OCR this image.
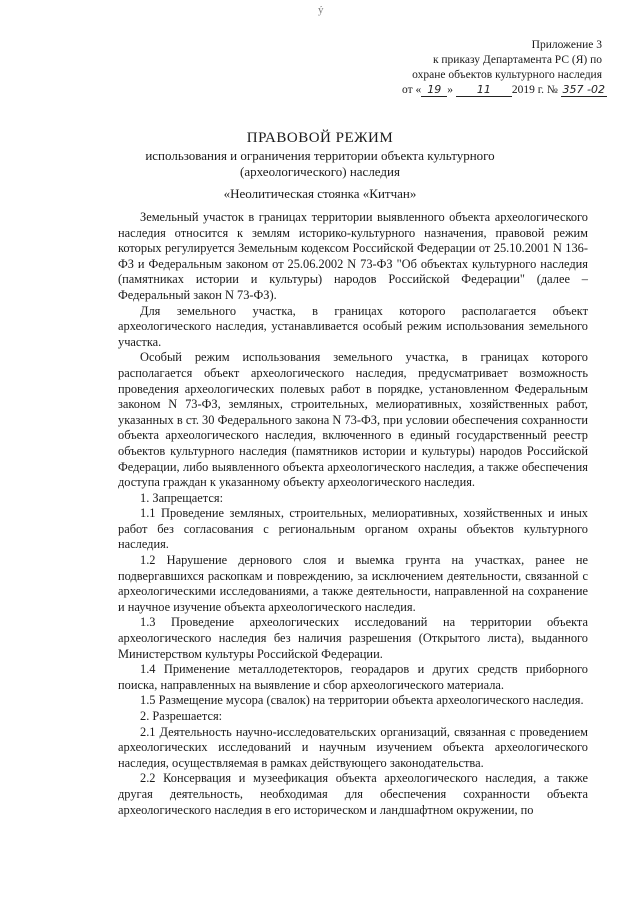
ỷ
Приложение 3
к приказу Департамента РС (Я) по
охране объектов культурного наследия
от « 19 » 11 2019 г. № 357 -02
ПРАВОВОЙ РЕЖИМ
использования и ограничения территории объекта культурного
(археологического) наследия
«Неолитическая стоянка «Китчан»

Земельный участок в границах территории выявленного объекта археологического наследия относится к землям историко-культурного назначения, правовой режим которых регулируется Земельным кодексом Российской Федерации от 25.10.2001 N 136-ФЗ и Федеральным законом от 25.06.2002 N 73-ФЗ "Об объектах культурного наследия (памятниках истории и культуры) народов Российской Федерации" (далее – Федеральный закон N 73-ФЗ).

Для земельного участка, в границах которого располагается объект археологического наследия, устанавливается особый режим использования земельного участка.

Особый режим использования земельного участка, в границах которого располагается объект археологического наследия, предусматривает возможность проведения археологических полевых работ в порядке, установленном Федеральным законом N 73-ФЗ, земляных, строительных, мелиоративных, хозяйственных работ, указанных в ст. 30 Федерального закона N 73-ФЗ, при условии обеспечения сохранности объекта археологического наследия, включенного в единый государственный реестр объектов культурного наследия (памятников истории и культуры) народов Российской Федерации, либо выявленного объекта археологического наследия, а также обеспечения доступа граждан к указанному объекту археологического наследия.

1. Запрещается:

1.1 Проведение земляных, строительных, мелиоративных, хозяйственных и иных работ без согласования с региональным органом охраны объектов культурного наследия.

1.2 Нарушение дернового слоя и выемка грунта на участках, ранее не подвергавшихся раскопкам и повреждению, за исключением деятельности, связанной с археологическими исследованиями, а также деятельности, направленной на сохранение и научное изучение объекта археологического наследия.

1.3 Проведение археологических исследований на территории объекта археологического наследия без наличия разрешения (Открытого листа), выданного Министерством культуры Российской Федерации.

1.4 Применение металлодетекторов, георадаров и других средств приборного поиска, направленных на выявление и сбор археологического материала.

1.5 Размещение мусора (свалок) на территории объекта археологического наследия.

2. Разрешается:

2.1 Деятельность научно-исследовательских организаций, связанная с проведением археологических исследований и научным изучением объекта археологического наследия, осуществляемая в рамках действующего законодательства.

2.2 Консервация и музеефикация объекта археологического наследия, а также другая деятельность, необходимая для обеспечения сохранности объекта археологического наследия в его историческом и ландшафтном окружении, по
